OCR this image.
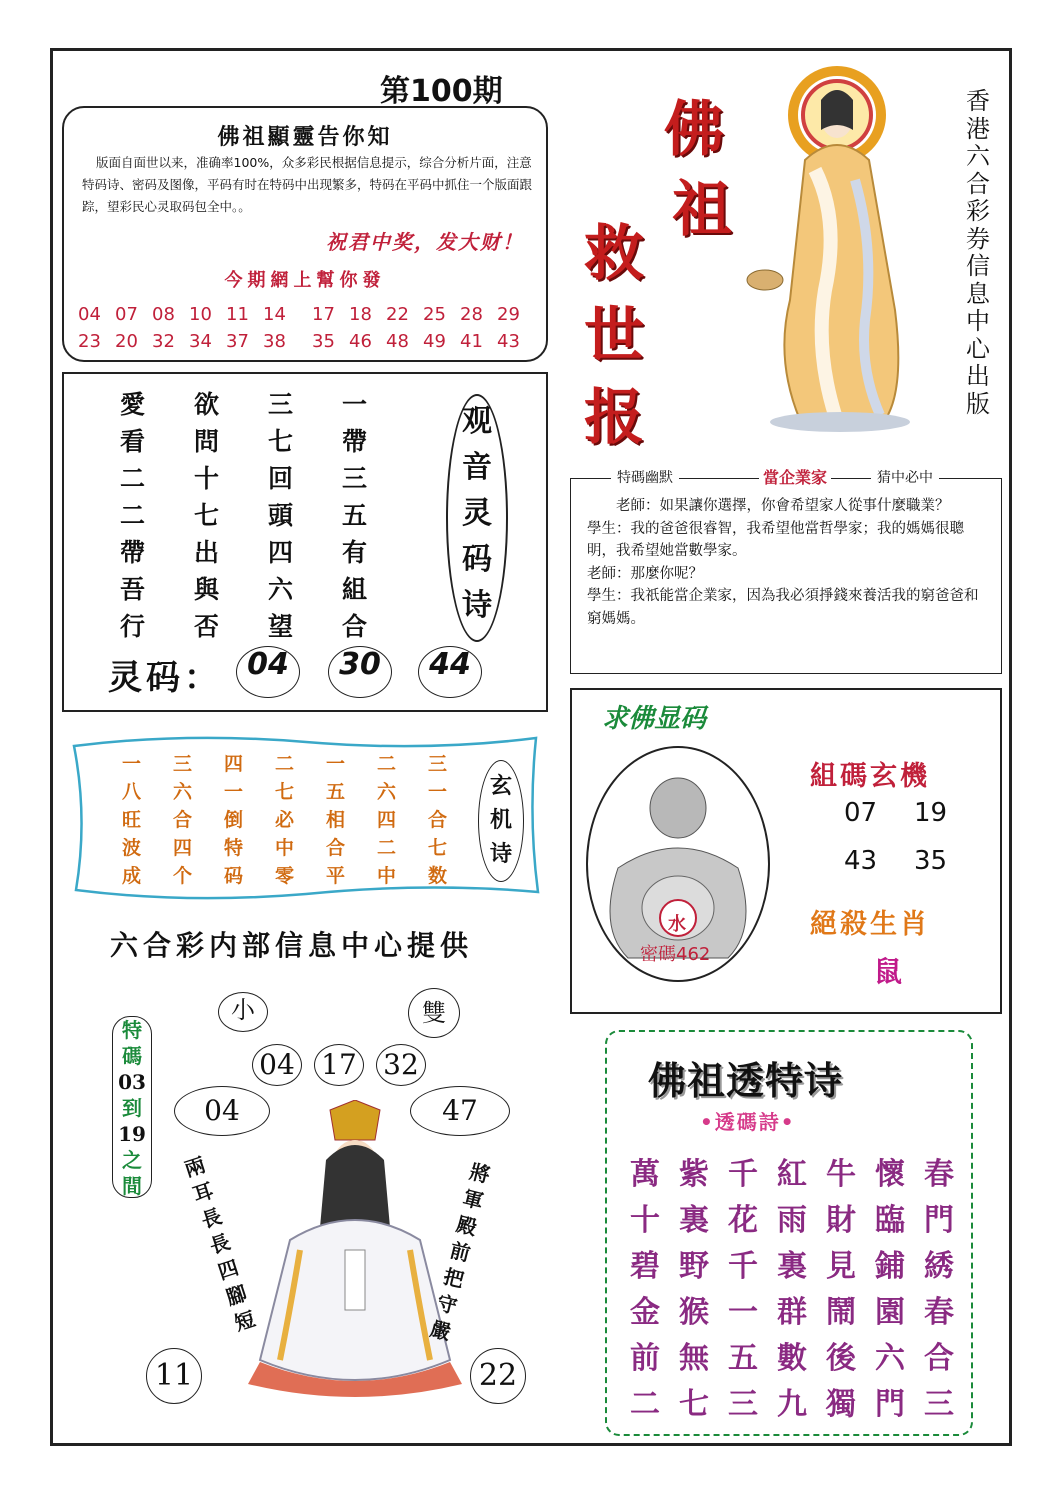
第100期
佛祖顯靈告你知
版面自面世以来，准确率100%，众多彩民根据信息提示，综合分析片面，注意特码诗、密码及图像，平码有时在特码中出现繁多，特码在平码中抓住一个版面跟踪，望彩民心灵取码包全中。。
祝君中奖，发大财！
今期網上幫你發
04 07 08 10 11 14	17 18 22 25 28 29
23 20 32 34 37 38	35 46 48 49 41 43
佛
祖
救
世
报
香港六合彩券信息中心出版
愛	欲	三	一
看	問	七	帶
二	十	回	三
二	七	頭	五
帶	出	四	有
吾	與	六	組
行	否	望	合
观
音
灵
码
诗
灵码： 04	30	44
特碼幽默	當企業家	猜中必中
　　老師：如果讓你選擇，你會希望家人從事什麼職業？
學生：我的爸爸很睿智，我希望他當哲學家；我的媽媽很聰明，我希望她當數學家。
老師：那麼你呢？
學生：我祇能當企業家，因為我必須掙錢來養活我的窮爸爸和窮媽媽。
一	三	四	二	一	二	三
八	六	一	七	五	六	一
旺	合	倒	必	相	四	合
波	四	特	中	合	二	七
成	个	码	零	平	中	数
玄
机
诗
六合彩内部信息中心提供
求佛显码
水
密碼462
組碼玄機
07 19
43 35
絕殺生肖
鼠
特
碼
03
到
19
之
間
小	雙
04 17 32
04	47
兩
耳
長
長
四
腳
短
將
軍
殿
前
把
守
嚴
11	22
佛祖透特诗
•透碼詩•
萬 紫 千 紅 牛 懷 春
十 裏 花 雨 財 臨 門
碧 野 千 裏 見 鋪 綉
金 猴 一 群 鬧 園 春
前 無 五 數 後 六 合
二 七 三 九 獨 門 三
